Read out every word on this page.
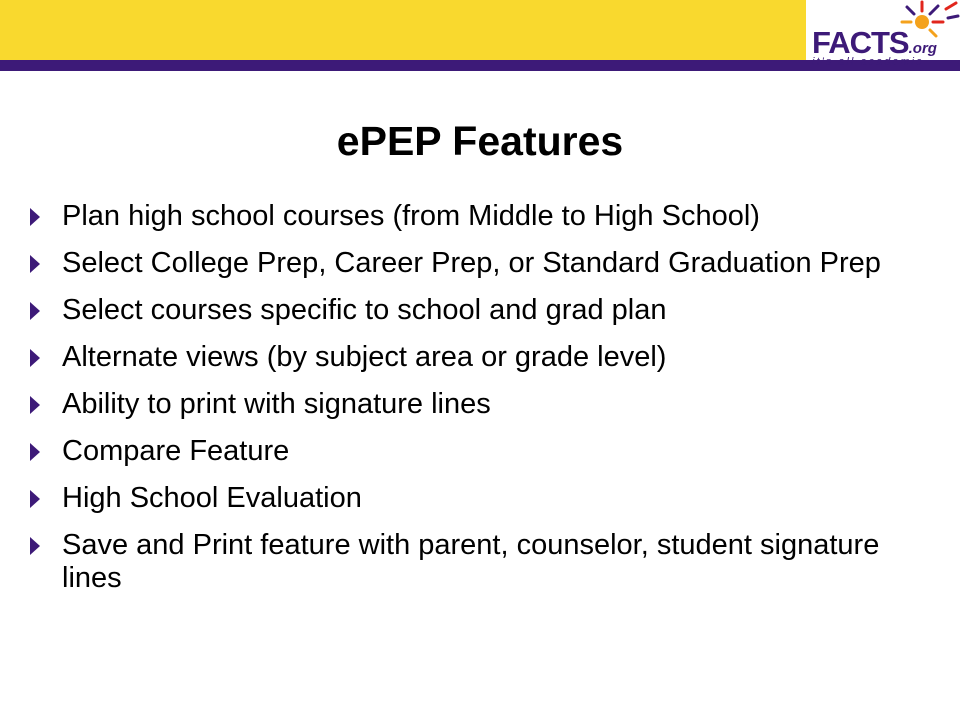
FACTS.org
it’s all academic
ePEP Features
Plan high school courses (from Middle to High School)
Select College Prep, Career Prep, or Standard Graduation Prep
Select courses specific to school and grad plan
Alternate views (by subject area or grade level)
Ability to print with signature lines
Compare Feature
High School Evaluation
Save and Print feature with parent, counselor, student signature lines
